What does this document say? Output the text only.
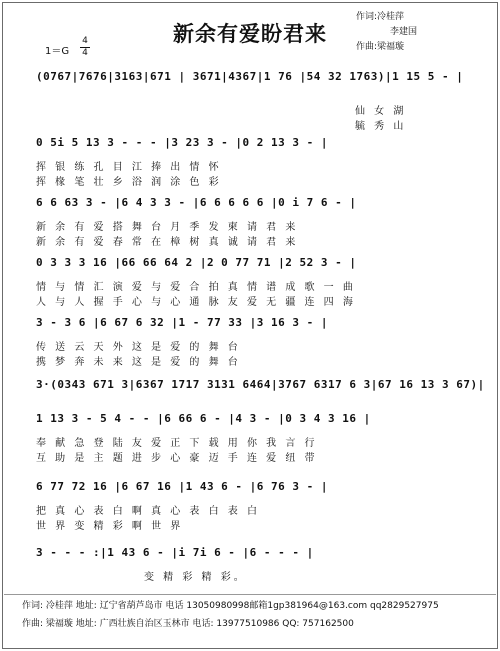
新余有爱盼君来
作词:冷桂萍
李建国
作曲:梁福璇
1＝G
4
4
(0767|7676|3163|671 | 3671|4367|1 76 |54 32 1763)|1 15 5 - |
仙 女 湖
毓 秀 山
0 5i 5 13 3 - - - |3 23 3 - |0 2 13 3 - |
挥 银 练 孔 目 江 捧 出 情 怀
挥 椽 笔 壮 乡 浴 润 涂 色 彩
6 6 63 3 - |6 4 3 3 - |6 6 6 6 6 |0 i 7 6 - |
新 余 有 爱 搭 舞 台 月 季 发 柬 请 君 来
新 余 有 爱 春 常 在 樟 树 真 诚 请 君 来
0 3 3 3 16 |66 66 64 2 |2 0 77 71 |2 52 3 - |
情 与 情 汇 演 爱 与 爱 合 拍 真 情 谱 成 歌 一 曲
人 与 人 握 手 心 与 心 通 脉 友 爱 无 疆 连 四 海
3 - 3 6 |6 67 6 32 |1 - 77 33 |3 16 3 - |
传 送 云 天 外 这 是 爱 的 舞 台
携 梦 奔 未 来 这 是 爱 的 舞 台
3·(0343 671 3|6367 1717 3131 6464|3767 6317 6 3|67 16 13 3 67)|
1 13 3 - 5 4 - - |6 66 6 - |4 3 - |0 3 4 3 16 |
奉 献 急 登 陆 友 爱 正 下 载 用 你 我 言 行
互 助 是 主 题 进 步 心 豪 迈 手 连 爱 纽 带
6 77 72 16 |6 67 16 |1 43 6 - |6 76 3 - |
把 真 心 表 白 啊 真 心 表 白 表 白
世 界 变 精 彩 啊 世 界
3 - - - :|1 43 6 - |i 7i 6 - |6 - - - |
变 精 彩 精 彩。
作词: 冷桂萍 地址: 辽宁省葫芦岛市 电话 13050980998邮箱1gp381964@163.com qq2829527975
作曲: 梁福璇 地址: 广西壮族自治区玉林市 电话: 13977510986 QQ: 757162500
